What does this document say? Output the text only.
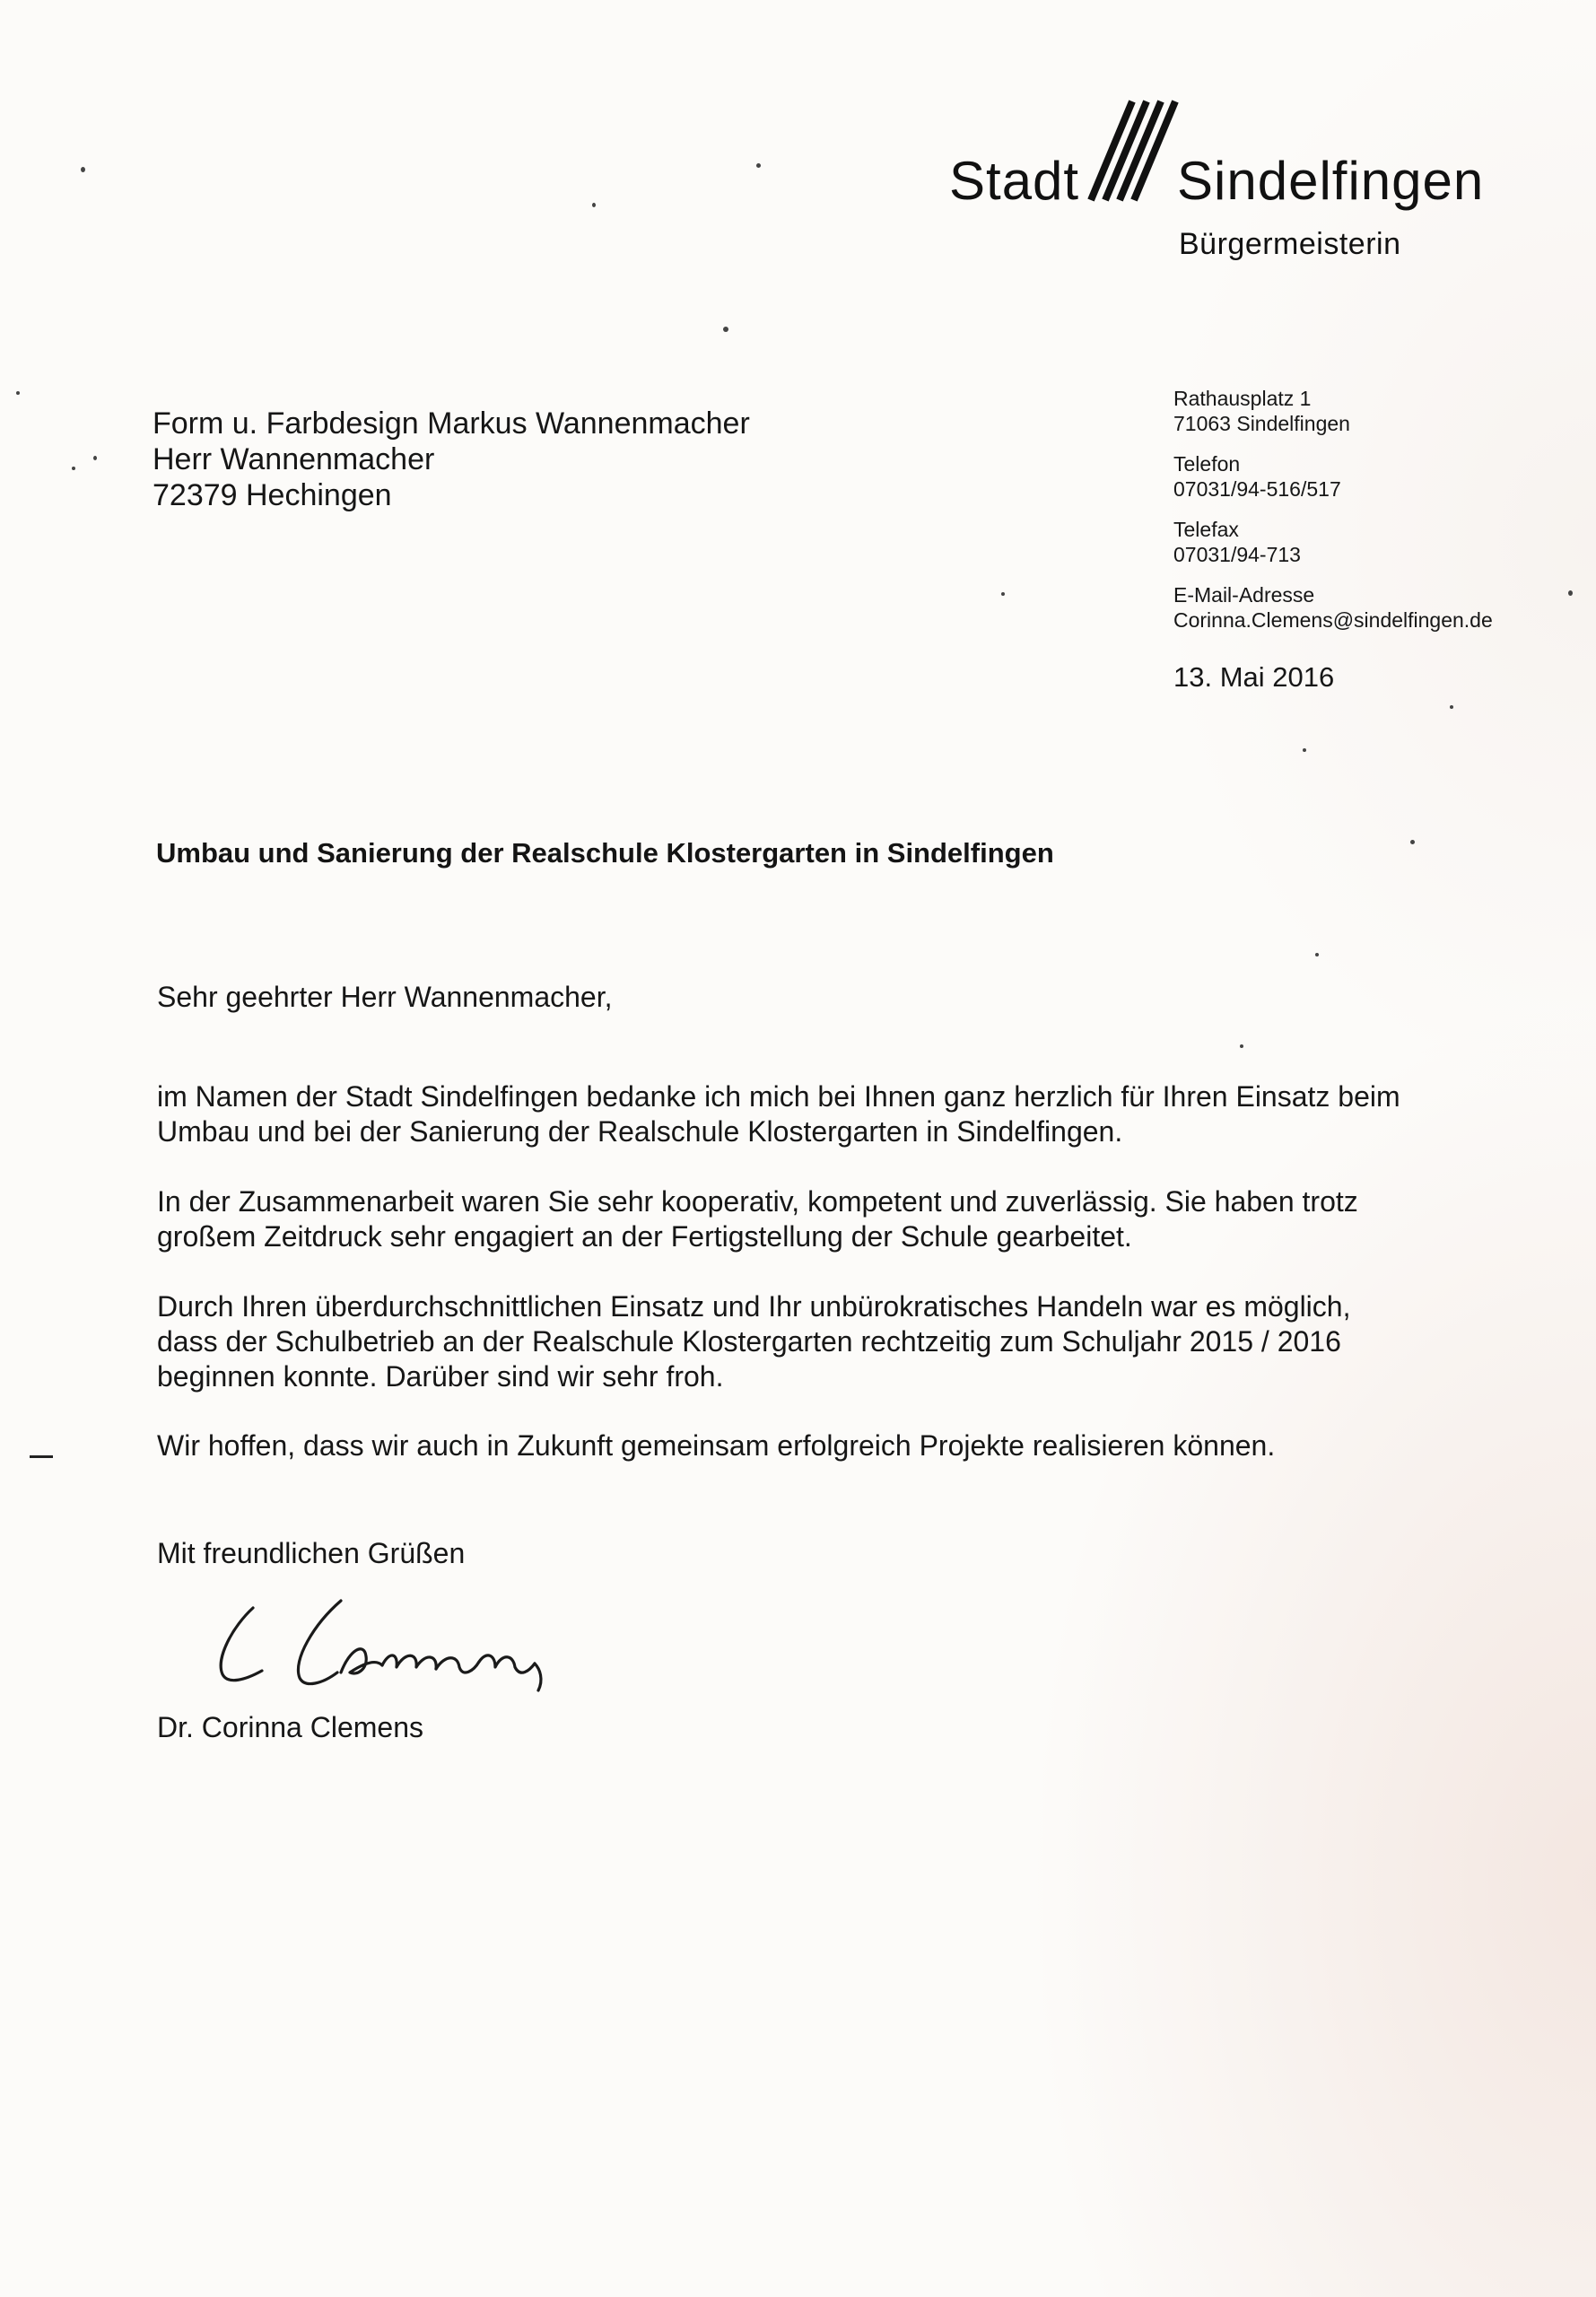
Stadt Sindelfingen
Bürgermeisterin
Form u. Farbdesign Markus Wannenmacher
Herr Wannenmacher
72379 Hechingen
Rathausplatz 1
71063 Sindelfingen
Telefon
07031/94-516/517
Telefax
07031/94-713
E-Mail-Adresse
Corinna.Clemens@sindelfingen.de
13. Mai 2016
Umbau und Sanierung der Realschule Klostergarten in Sindelfingen
Sehr geehrter Herr Wannenmacher,
im Namen der Stadt Sindelfingen bedanke ich mich bei Ihnen ganz herzlich für Ihren Einsatz beim
Umbau und bei der Sanierung der Realschule Klostergarten in Sindelfingen.
In der Zusammenarbeit waren Sie sehr kooperativ, kompetent und zuverlässig. Sie haben trotz
großem Zeitdruck sehr engagiert an der Fertigstellung der Schule gearbeitet.
Durch Ihren überdurchschnittlichen Einsatz und Ihr unbürokratisches Handeln war es möglich,
dass der Schulbetrieb an der Realschule Klostergarten rechtzeitig zum Schuljahr 2015 / 2016
beginnen konnte. Darüber sind wir sehr froh.
Wir hoffen, dass wir auch in Zukunft gemeinsam erfolgreich Projekte realisieren können.
Mit freundlichen Grüßen
Dr. Corinna Clemens
